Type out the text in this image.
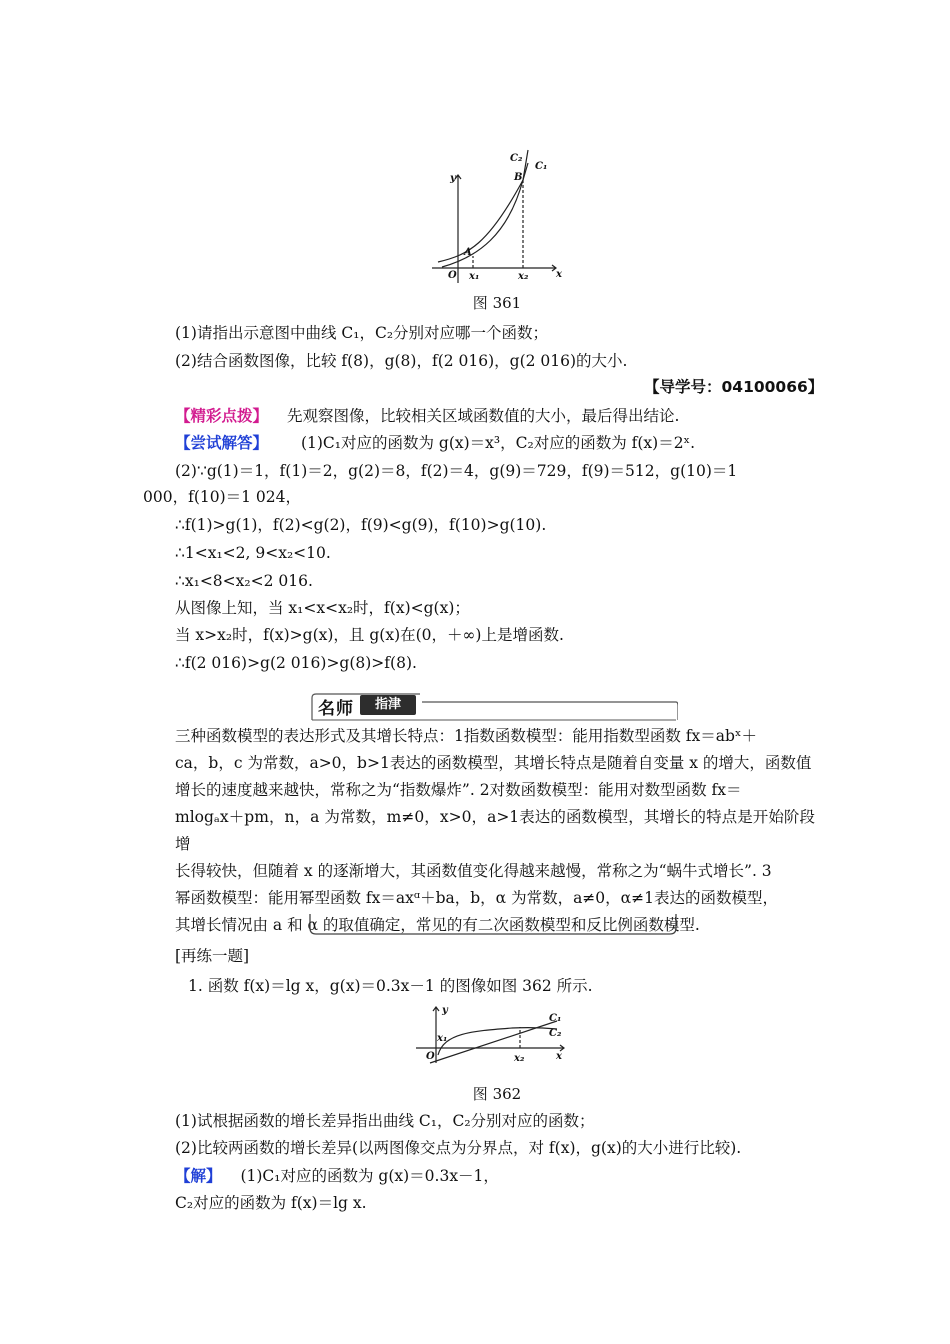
y
x
O x₁	x₂
A
B
C₂
C₁
图 361
(1)请指出示意图中曲线 C₁，C₂分别对应哪一个函数；
(2)结合函数图像，比较 f(8)，g(8)，f(2 016)，g(2 016)的大小.
【导学号：04100066】
【精彩点拨】 先观察图像，比较相关区域函数值的大小，最后得出结论.
【尝试解答】 (1)C₁对应的函数为 g(x)＝x³，C₂对应的函数为 f(x)＝2ˣ.
(2)∵g(1)＝1，f(1)＝2，g(2)＝8，f(2)＝4，g(9)＝729，f(9)＝512，g(10)＝1
000，f(10)＝1 024，
∴f(1)>g(1)，f(2)<g(2)，f(9)<g(9)，f(10)>g(10).
∴1<x₁<2, 9<x₂<10.
∴x₁<8<x₂<2 016.
从图像上知，当 x₁<x<x₂时，f(x)<g(x)；
当 x>x₂时，f(x)>g(x)，且 g(x)在(0，＋∞)上是增函数.
∴f(2 016)>g(2 016)>g(8)>f(8).
名师	指津
三种函数模型的表达形式及其增长特点：1指数函数模型：能用指数型函数 fx＝abˣ＋
ca，b，c 为常数，a>0，b>1表达的函数模型，其增长特点是随着自变量 x 的增大，函数值
增长的速度越来越快，常称之为“指数爆炸”. 2对数函数模型：能用对数型函数 fx＝
mlogₐx＋pm，n，a 为常数，m≠0，x>0，a>1表达的函数模型，其增长的特点是开始阶段增
长得较快，但随着 x 的逐渐增大，其函数值变化得越来越慢，常称之为“蜗牛式增长”. 3
幂函数模型：能用幂型函数 fx＝axᵅ＋ba，b，α 为常数，a≠0，α≠1表达的函数模型，
其增长情况由 a 和 α 的取值确定，常见的有二次函数模型和反比例函数模型.
[再练一题]
1. 函数 f(x)＝lg x，g(x)＝0.3x－1 的图像如图 362 所示.
y
x
O
x₁
x₂
C₁
C₂
图 362
(1)试根据函数的增长差异指出曲线 C₁，C₂分别对应的函数；
(2)比较两函数的增长差异(以两图像交点为分界点，对 f(x)，g(x)的大小进行比较).
【解】 (1)C₁对应的函数为 g(x)＝0.3x－1，
C₂对应的函数为 f(x)＝lg x.
